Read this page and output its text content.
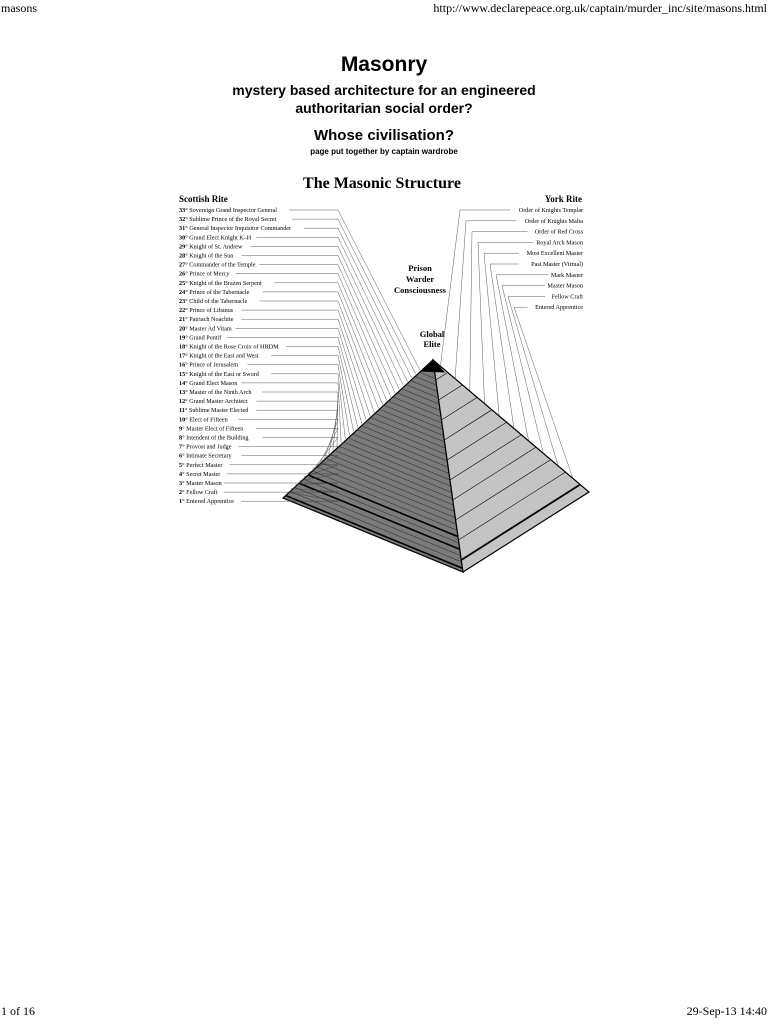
masons	http://www.declarepeace.org.uk/captain/murder_inc/site/masons.html
Masonry
mystery based architecture for an engineered
authoritarian social order?
Whose civilisation?
page put together by captain wardrobe
The Masonic Structure
Scottish Rite	York Rite
33° Sovereign Grand Inspector General
32° Sublime Prince of the Royal Secret
31° General Inspector Inquisitor Commander
30° Grand Elect Knight K–H
29° Knight of St. Andrew
28° Knight of the Sun
27° Commander of the Temple
26° Prince of Mercy
25° Knight of the Brazen Serpent
24° Prince of the Tabernacle
23° Child of the Tabernacle
22° Prince of Libanus
21° Patriach Noachite
20° Master Ad Vitam
19° Grand Pontif
18° Knight of the Rose Croix of HRDM
17° Knight of the East and West
16° Prince of Jerusalem
15° Knight of the East or Sword
14° Grand Elect Mason
13° Master of the Ninth Arch
12° Grand Master Architect
11° Sublime Master Elected
10° Elect of Fifteen
9° Master Elect of Fifteen
8° Intendent of the Building
7° Provost and Judge
6° Intimate Secretary
5° Perfect Master
4° Secret Master
3° Master Mason
2° Fellow Craft
1° Entered Apprentice
Order of Knights Templar
Order of Knights Malta
Order of Red Cross
Royal Arch Mason
Most Excellent Master
Past Master (Virtual)
Mark Master
Master Mason
Fellow Craft
Entered Apprentice
Prison
Warder
Consciousness
Global
Elite
1 of 16	29-Sep-13 14:40
